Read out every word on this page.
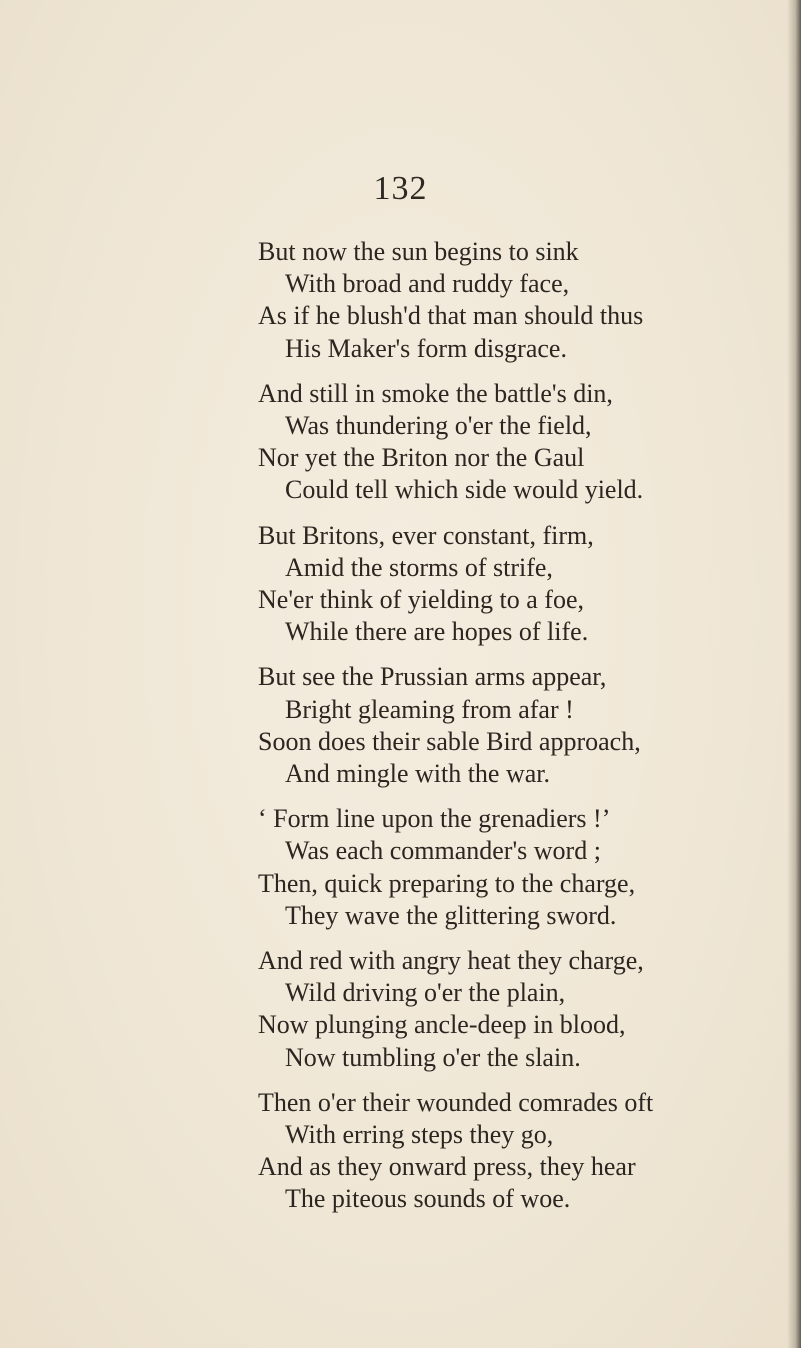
132

But now the sun begins to sink

With broad and ruddy face,

As if he blush'd that man should thus

His Maker's form disgrace.

And still in smoke the battle's din,

Was thundering o'er the field,

Nor yet the Briton nor the Gaul

Could tell which side would yield.

But Britons, ever constant, firm,

Amid the storms of strife,

Ne'er think of yielding to a foe,

While there are hopes of life.

But see the Prussian arms appear,

Bright gleaming from afar !

Soon does their sable Bird approach,

And mingle with the war.

‘ Form line upon the grenadiers !’

Was each commander's word ;

Then, quick preparing to the charge,

They wave the glittering sword.

And red with angry heat they charge,

Wild driving o'er the plain,

Now plunging ancle-deep in blood,

Now tumbling o'er the slain.

Then o'er their wounded comrades oft

With erring steps they go,

And as they onward press, they hear

The piteous sounds of woe.
